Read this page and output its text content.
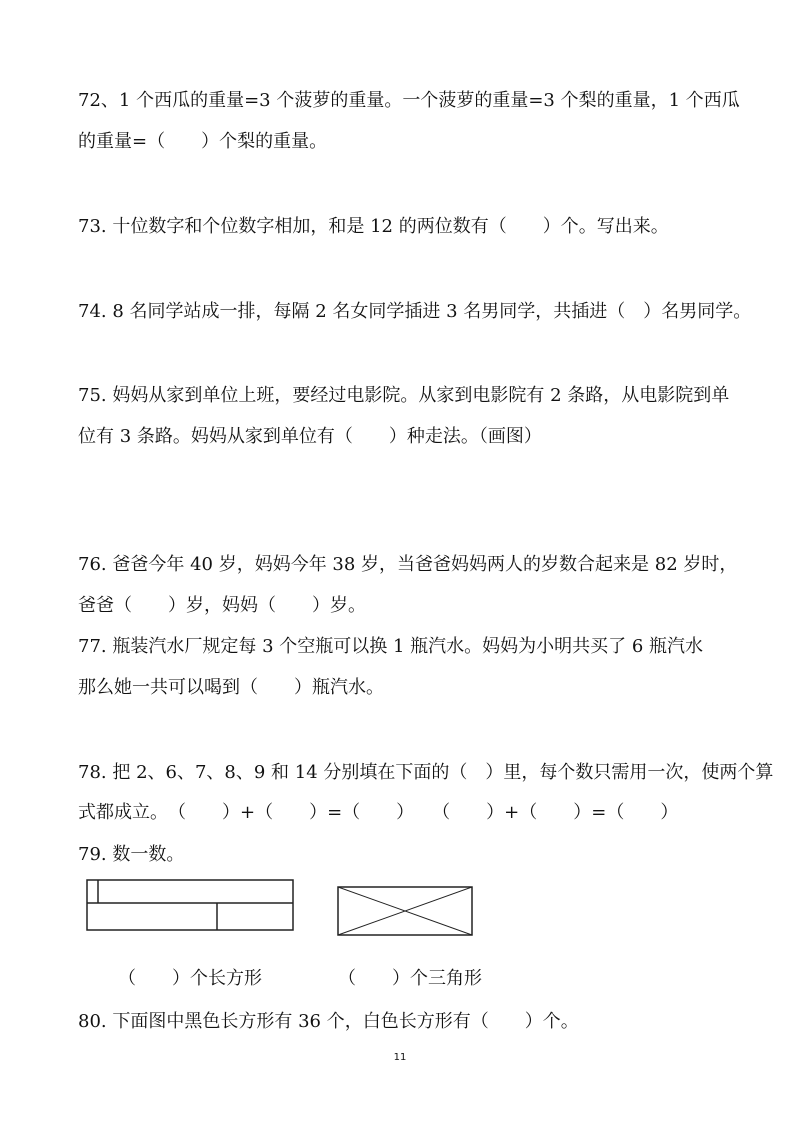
72、1 个西瓜的重量=3 个菠萝的重量。一个菠萝的重量=3 个梨的重量，1 个西瓜
的重量=（　　）个梨的重量。
73. 十位数字和个位数字相加，和是 12 的两位数有（　　）个。写出来。
74. 8 名同学站成一排，每隔 2 名女同学插进 3 名男同学，共插进（　）名男同学。
75. 妈妈从家到单位上班，要经过电影院。从家到电影院有 2 条路，从电影院到单
位有 3 条路。妈妈从家到单位有（　　）种走法。（画图）
76. 爸爸今年 40 岁，妈妈今年 38 岁，当爸爸妈妈两人的岁数合起来是 82 岁时，
爸爸（　　）岁，妈妈（　　）岁。
77. 瓶装汽水厂规定每 3 个空瓶可以换 1 瓶汽水。妈妈为小明共买了 6 瓶汽水
那么她一共可以喝到（　　）瓶汽水。
78. 把 2、6、7、8、9 和 14 分别填在下面的（　）里，每个数只需用一次，使两个算
式都成立。　（　　）+（　　）=（　　）　　（　　）+（　　）=（　　）
79. 数一数。
（　　）个长方形	（　　）个三角形
80. 下面图中黑色长方形有 36 个，白色长方形有（　　）个。
11
